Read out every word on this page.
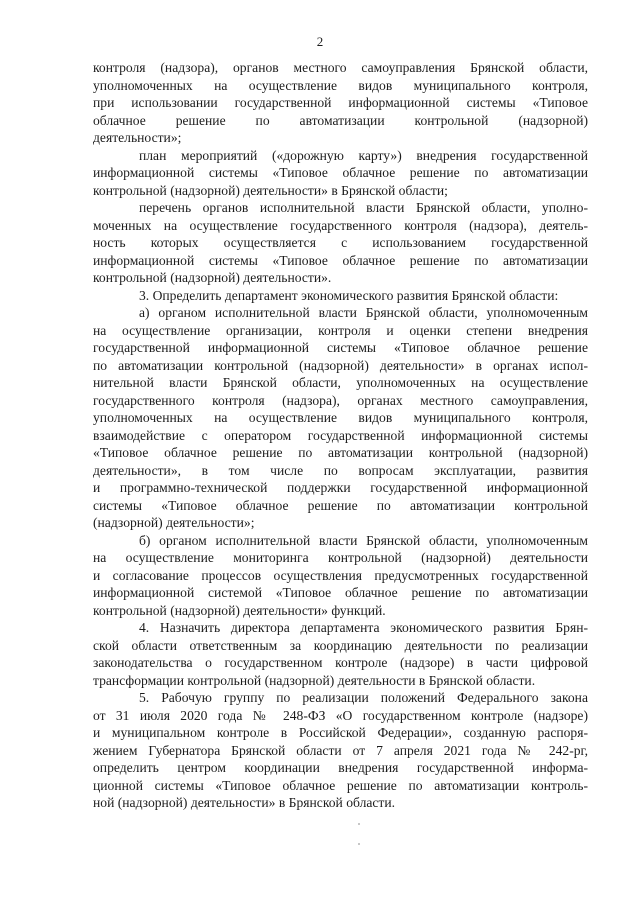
2
контроля (надзора), органов местного самоуправления Брянской области,
уполномоченных на осуществление видов муниципального контроля,
при использовании государственной информационной системы «Типовое
облачное решение по автоматизации контрольной (надзорной)
деятельности»;
план мероприятий («дорожную карту») внедрения государственной
информационной системы «Типовое облачное решение по автоматизации
контрольной (надзорной) деятельности» в Брянской области;
перечень органов исполнительной власти Брянской области, уполно-
моченных на осуществление государственного контроля (надзора), деятель-
ность которых осуществляется с использованием государственной
информационной системы «Типовое облачное решение по автоматизации
контрольной (надзорной) деятельности».
3. Определить департамент экономического развития Брянской области:
а) органом исполнительной власти Брянской области, уполномоченным
на осуществление организации, контроля и оценки степени внедрения
государственной информационной системы «Типовое облачное решение
по автоматизации контрольной (надзорной) деятельности» в органах испол-
нительной власти Брянской области, уполномоченных на осуществление
государственного контроля (надзора), органах местного самоуправления,
уполномоченных на осуществление видов муниципального контроля,
взаимодействие с оператором государственной информационной системы
«Типовое облачное решение по автоматизации контрольной (надзорной)
деятельности», в том числе по вопросам эксплуатации, развития
и программно-технической поддержки государственной информационной
системы «Типовое облачное решение по автоматизации контрольной
(надзорной) деятельности»;
б) органом исполнительной власти Брянской области, уполномоченным
на осуществление мониторинга контрольной (надзорной) деятельности
и согласование процессов осуществления предусмотренных государственной
информационной системой «Типовое облачное решение по автоматизации
контрольной (надзорной) деятельности» функций.
4. Назначить директора департамента экономического развития Брян-
ской области ответственным за координацию деятельности по реализации
законодательства о государственном контроле (надзоре) в части цифровой
трансформации контрольной (надзорной) деятельности в Брянской области.
5. Рабочую группу по реализации положений Федерального закона
от 31 июля 2020 года № 248-ФЗ «О государственном контроле (надзоре)
и муниципальном контроле в Российской Федерации», созданную распоря-
жением Губернатора Брянской области от 7 апреля 2021 года № 242-рг,
определить центром координации внедрения государственной информа-
ционной системы «Типовое облачное решение по автоматизации контроль-
ной (надзорной) деятельности» в Брянской области.
